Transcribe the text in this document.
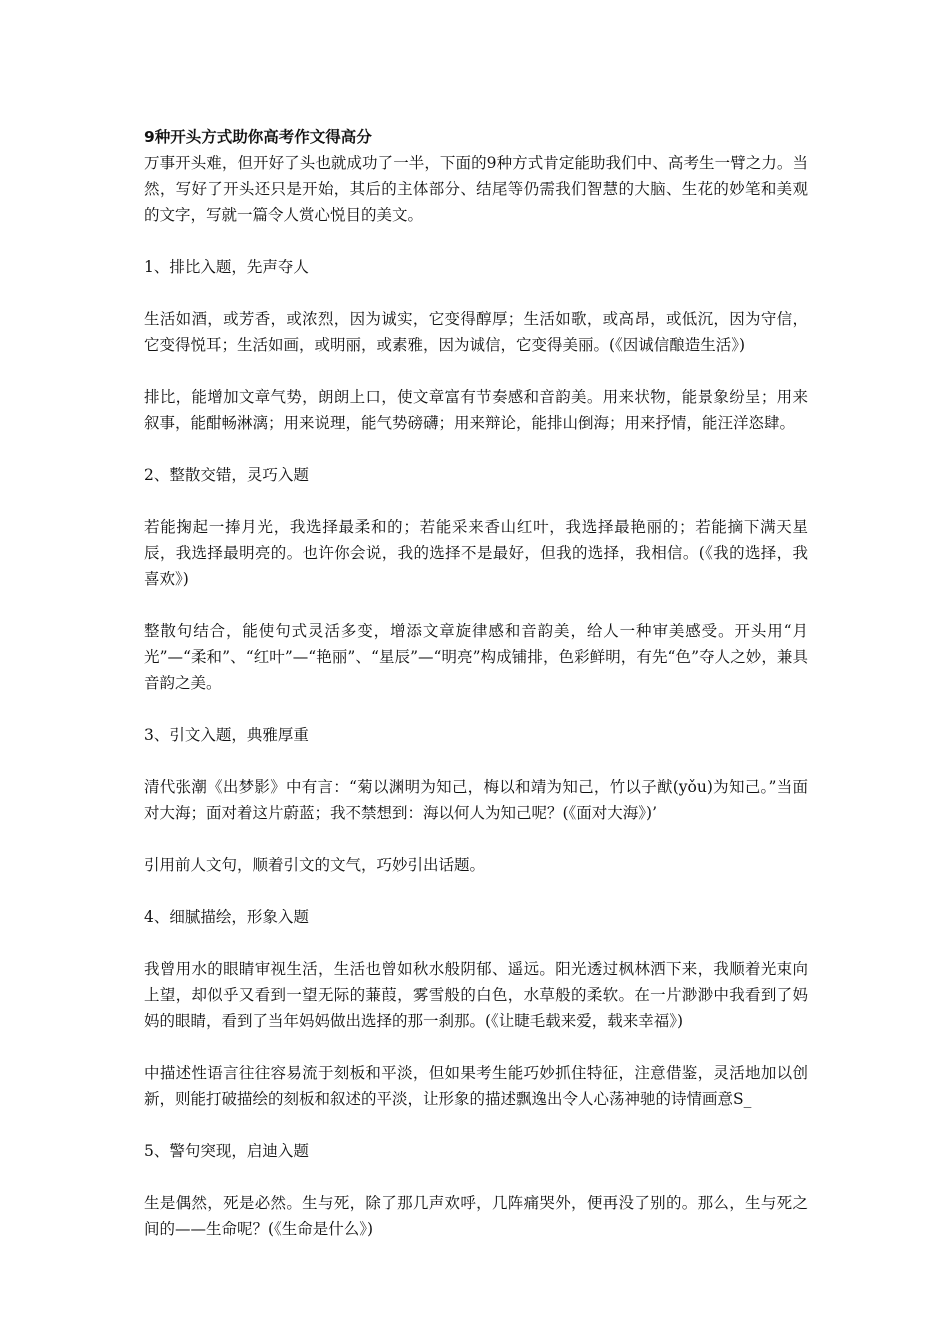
9种开头方式助你高考作文得高分

万事开头难，但开好了头也就成功了一半，下面的9种方式肯定能助我们中、高考生一臂之力。当然，写好了开头还只是开始，其后的主体部分、结尾等仍需我们智慧的大脑、生花的妙笔和美观的文字，写就一篇令人赏心悦目的美文。

1、排比入题，先声夺人

生活如酒，或芳香，或浓烈，因为诚实，它变得醇厚；生活如歌，或高昂，或低沉，因为守信，它变得悦耳；生活如画，或明丽，或素雅，因为诚信，它变得美丽。(《因诚信酿造生活》)

排比，能增加文章气势，朗朗上口，使文章富有节奏感和音韵美。用来状物，能景象纷呈；用来叙事，能酣畅淋漓；用来说理，能气势磅礴；用来辩论，能排山倒海；用来抒情，能汪洋恣肆。

2、整散交错，灵巧入题

若能掬起一捧月光，我选择最柔和的；若能采来香山红叶，我选择最艳丽的；若能摘下满天星辰，我选择最明亮的。也许你会说，我的选择不是最好，但我的选择，我相信。(《我的选择，我喜欢》)

整散句结合，能使句式灵活多变，增添文章旋律感和音韵美，给人一种审美感受。开头用“月光”—“柔和”、“红叶”—“艳丽”、“星辰”—“明亮”构成铺排，色彩鲜明，有先“色”夺人之妙，兼具音韵之美。

3、引文入题，典雅厚重

清代张潮《出梦影》中有言：“菊以渊明为知己，梅以和靖为知己，竹以子猷(yǒu)为知己。”当面对大海；面对着这片蔚蓝；我不禁想到：海以何人为知己呢？(《面对大海》)’

引用前人文句，顺着引文的文气，巧妙引出话题。

4、细腻描绘，形象入题

我曾用水的眼睛审视生活，生活也曾如秋水般阴郁、遥远。阳光透过枫林洒下来，我顺着光束向上望，却似乎又看到一望无际的蒹葭，雾雪般的白色，水草般的柔软。在一片渺渺中我看到了妈妈的眼睛，看到了当年妈妈做出选择的那一刹那。(《让睫毛载来爱，载来幸福》)

中描述性语言往往容易流于刻板和平淡，但如果考生能巧妙抓住特征，注意借鉴，灵活地加以创新，则能打破描绘的刻板和叙述的平淡，让形象的描述飘逸出令人心荡神驰的诗情画意S_

5、警句突现，启迪入题

生是偶然，死是必然。生与死，除了那几声欢呼，几阵痛哭外，便再没了别的。那么，生与死之间的——生命呢？(《生命是什么》)
